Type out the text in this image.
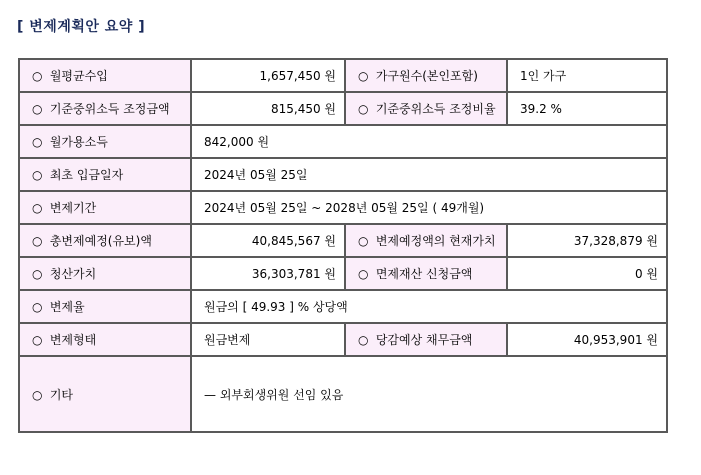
[ 변제계획안 요약 ]
○ 월평균수입	1,657,450 원	○ 가구원수(본인포함)	1인 가구
○ 기준중위소득 조정금액	815,450 원	○ 기준중위소득 조정비율	39.2 %
○ 월가용소득	842,000 원		
○ 최초 입금일자	2024년 05월 25일		
○ 변제기간	2024년 05월 25일 ~ 2028년 05월 25일 ( 49개월)		
○ 총변제예정(유보)액	40,845,567 원	○ 변제예정액의 현재가치	37,328,879 원
○ 청산가치	36,303,781 원	○ 면제재산 신청금액	0 원
○ 변제율	원금의 [ 49.93 ] % 상당액		
○ 변제형태	원금변제	○ 당감예상 채무금액	40,953,901 원
○ 기타	— 외부회생위원 선임 있음		
